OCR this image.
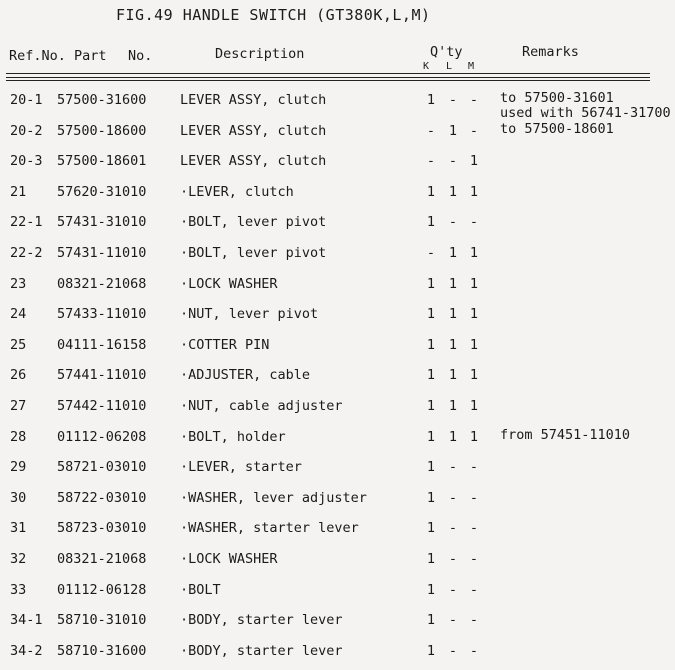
FIG.49 HANDLE SWITCH (GT380K,L,M)
Ref.No. Part No.	Description	Q'ty	Remarks
K L M
20-1 57500-31600 LEVER ASSY, clutch	1 - - to 57500-31601
used with 56741-31700
20-2 57500-18600 LEVER ASSY, clutch	- 1 - to 57500-18601
20-3 57500-18601 LEVER ASSY, clutch	- - 1
21 57620-31010 ·LEVER, clutch	1 1 1
22-1 57431-31010 ·BOLT, lever pivot	1 - -
22-2 57431-11010 ·BOLT, lever pivot	- 1 1
23 08321-21068 ·LOCK WASHER	1 1 1
24 57433-11010 ·NUT, lever pivot	1 1 1
25 04111-16158 ·COTTER PIN	1 1 1
26 57441-11010 ·ADJUSTER, cable	1 1 1
27 57442-11010 ·NUT, cable adjuster	1 1 1
28 01112-06208 ·BOLT, holder	1 1 1 from 57451-11010
29 58721-03010 ·LEVER, starter	1 - -
30 58722-03010 ·WASHER, lever adjuster	1 - -
31 58723-03010 ·WASHER, starter lever	1 - -
32 08321-21068 ·LOCK WASHER	1 - -
33 01112-06128 ·BOLT	1 - -
34-1 58710-31010 ·BODY, starter lever	1 - -
34-2 58710-31600 ·BODY, starter lever	1 - -
